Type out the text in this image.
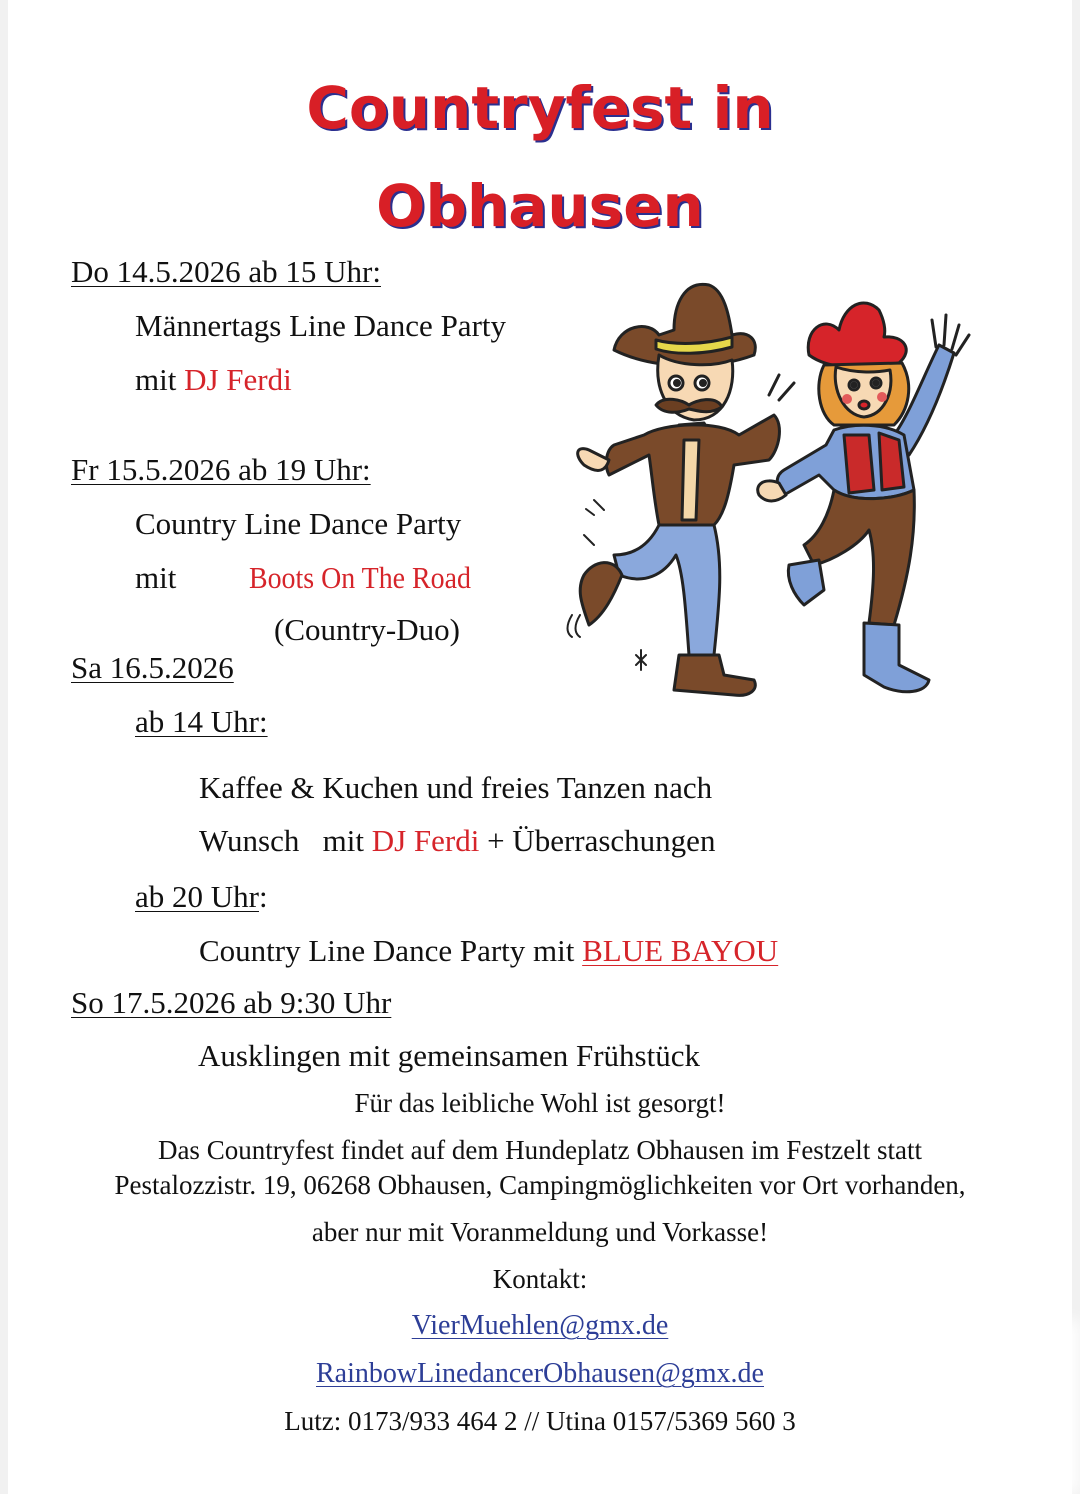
Countryfest in
Obhausen
Do 14.5.2026 ab 15 Uhr:
Männertags Line Dance Party
mit DJ Ferdi
Fr 15.5.2026 ab 19 Uhr:
Country Line Dance Party
mit Boots On The Road
(Country-Duo)
Sa 16.5.2026
ab 14 Uhr:
Kaffee & Kuchen und freies Tanzen nach
Wunsch   mit DJ Ferdi + Überraschungen
ab 20 Uhr:
Country Line Dance Party mit BLUE BAYOU
So 17.5.2026 ab 9:30 Uhr
Ausklingen mit gemeinsamen Frühstück
Für das leibliche Wohl ist gesorgt!
Das Countryfest findet auf dem Hundeplatz Obhausen im Festzelt statt
Pestalozzistr. 19, 06268 Obhausen, Campingmöglichkeiten vor Ort vorhanden,
aber nur mit Voranmeldung und Vorkasse!
Kontakt:
VierMuehlen@gmx.de
RainbowLinedancerObhausen@gmx.de
Lutz: 0173/933 464 2 // Utina 0157/5369 560 3
